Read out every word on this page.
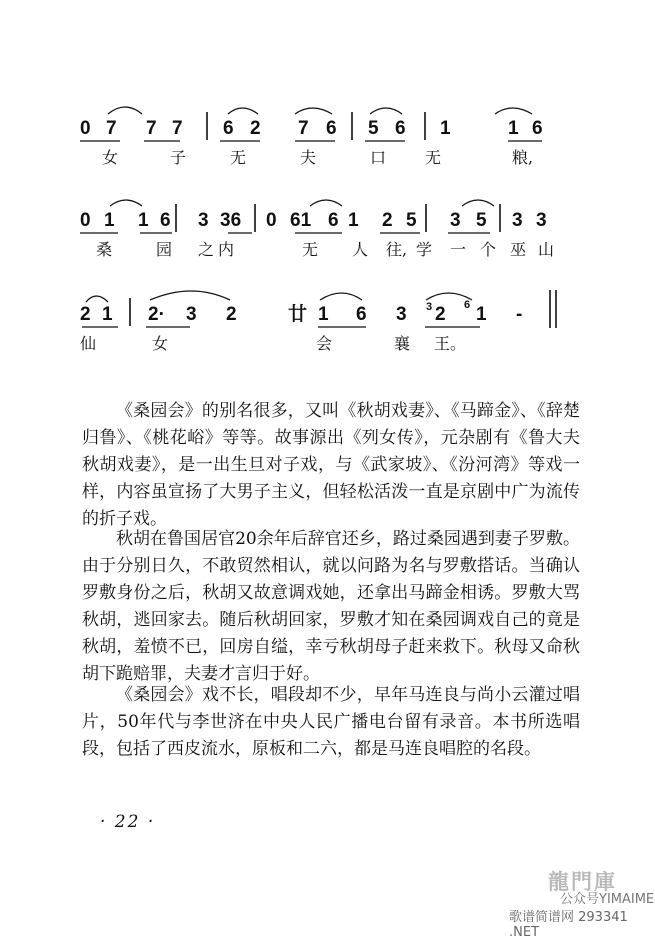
0 7 7 7 6 2 7 6 5 6 1	1 6
女	子	无	夫	口 无	粮,
0 1 1 6 3 36 0 61 6 1 2 5 3 5 3 3
桑	园 之 内	无 人 往, 学 一 个 巫 山
2 1 2· 3 2	廿 1 6 3 2 1 -
3	6
仙	女	会	襄 王。

《桑园会》的别名很多，又叫《秋胡戏妻》、《马蹄金》、《辞楚归鲁》、《桃花峪》等等。故事源出《列女传》，元杂剧有《鲁大夫秋胡戏妻》，是一出生旦对子戏，与《武家坡》、《汾河湾》等戏一样，内容虽宣扬了大男子主义，但轻松活泼一直是京剧中广为流传的折子戏。

秋胡在鲁国居官20余年后辞官还乡，路过桑园遇到妻子罗敷。由于分别日久，不敢贸然相认，就以问路为名与罗敷搭话。当确认罗敷身份之后，秋胡又故意调戏她，还拿出马蹄金相诱。罗敷大骂秋胡，逃回家去。随后秋胡回家，罗敷才知在桑园调戏自己的竟是秋胡，羞愤不已，回房自缢，幸亏秋胡母子赶来救下。秋母又命秋胡下跪赔罪，夫妻才言归于好。

《桑园会》戏不长，唱段却不少，早年马连良与尚小云灌过唱片，50年代与李世济在中央人民广播电台留有录音。本书所选唱段，包括了西皮流水，原板和二六，都是马连良唱腔的名段。

· 22 ·
龍門庫
公众号YIMAIME
歌谱简谱网 293341 .NET
